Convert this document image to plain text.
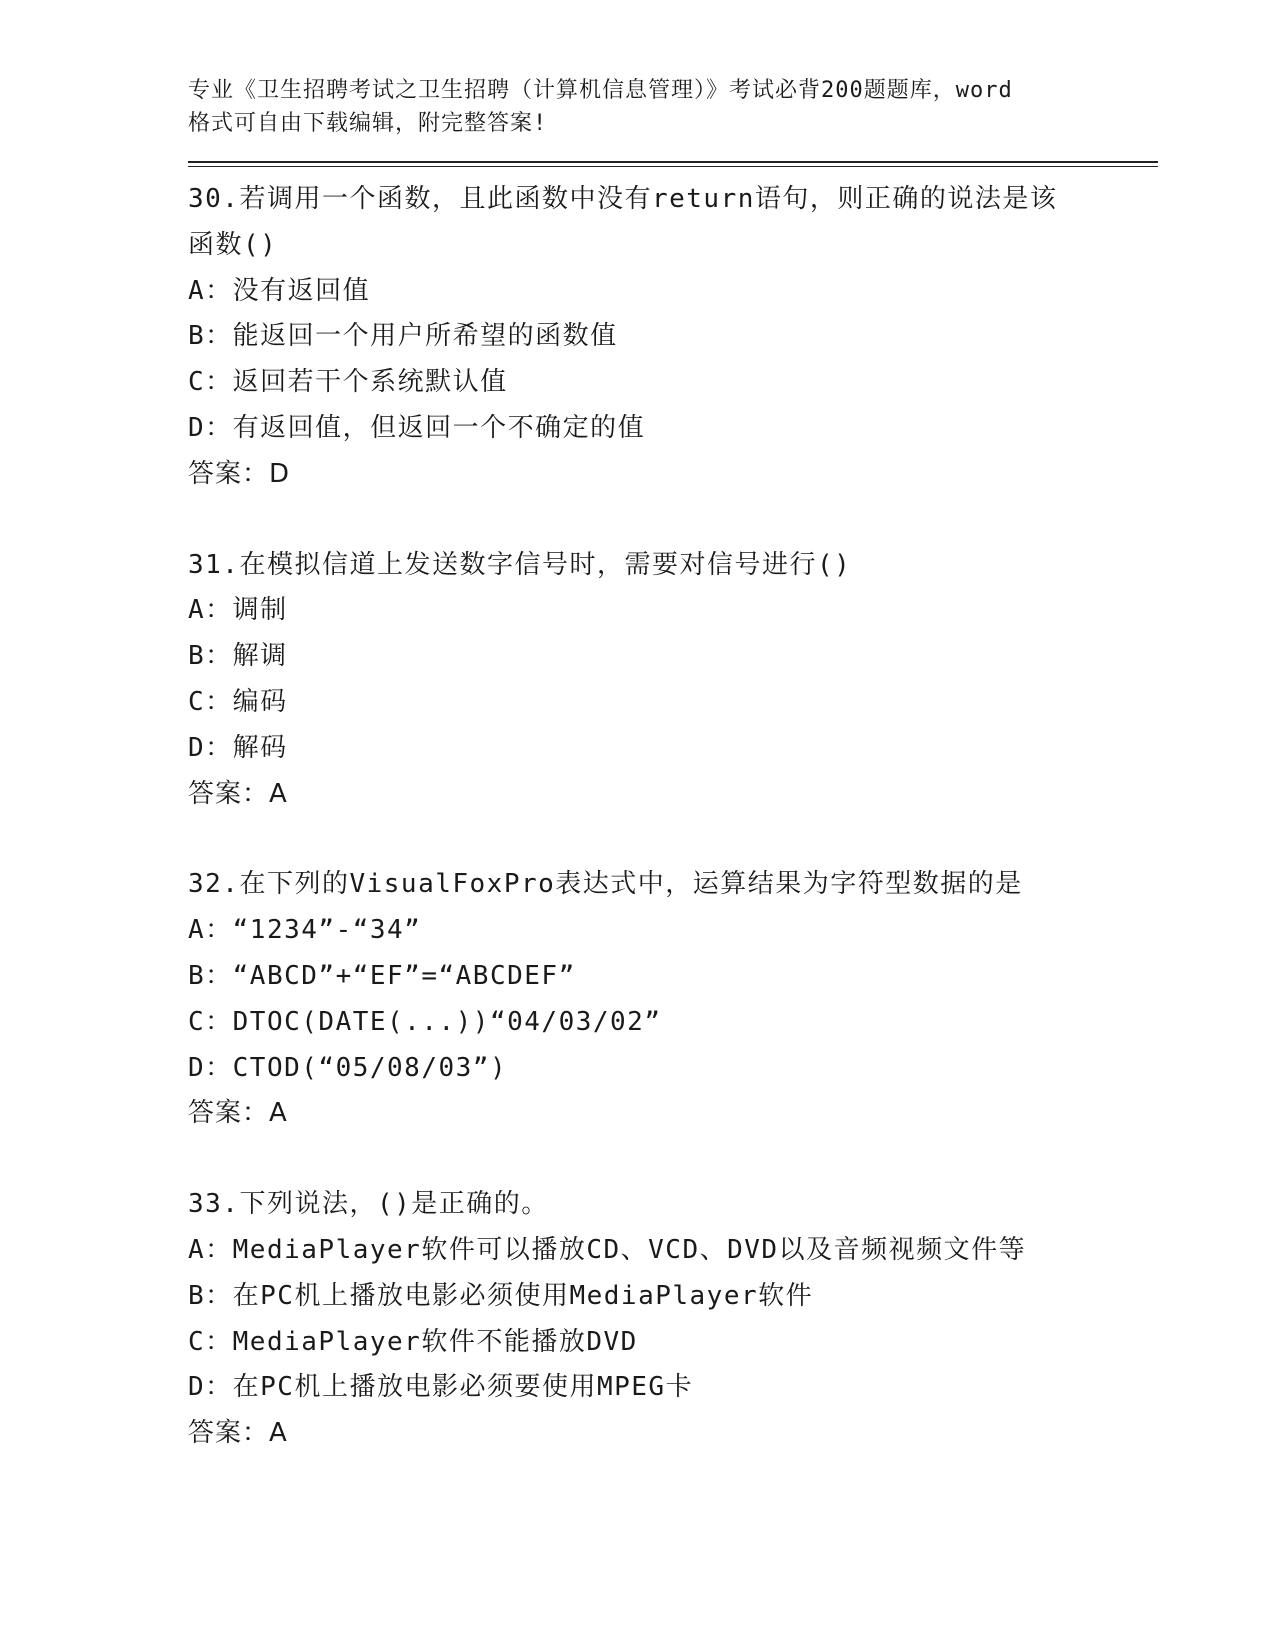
专业《卫生招聘考试之卫生招聘（计算机信息管理）》考试必背200题题库，word
格式可自由下载编辑，附完整答案!
30.若调用一个函数，且此函数中没有return语句，则正确的说法是该函数()
A：没有返回值
B：能返回一个用户所希望的函数值
C：返回若干个系统默认值
D：有返回值，但返回一个不确定的值
答案：D
31.在模拟信道上发送数字信号时，需要对信号进行()
A：调制
B：解调
C：编码
D：解码
答案：A
32.在下列的VisualFoxPro表达式中，运算结果为字符型数据的是
A：“1234”-“34”
B：“ABCD”+“EF”=“ABCDEF”
C：DTOC(DATE(...))“04/03/02”
D：CTOD(“05/08/03”)
答案：A
33.下列说法，()是正确的。
A：MediaPlayer软件可以播放CD、VCD、DVD以及音频视频文件等
B：在PC机上播放电影必须使用MediaPlayer软件
C：MediaPlayer软件不能播放DVD
D：在PC机上播放电影必须要使用MPEG卡
答案：A
